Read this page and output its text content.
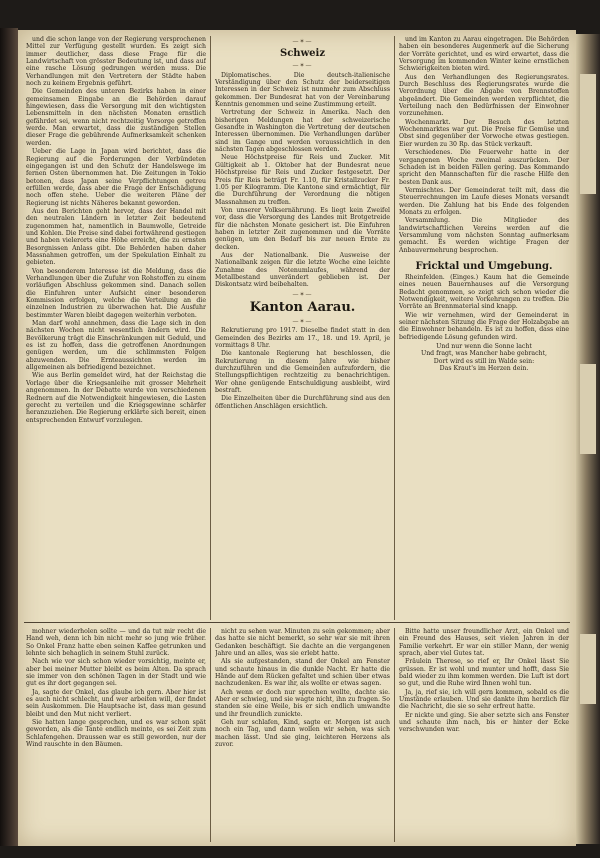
und die schon lange von der Regierung versprochenen Mittel zur Verfügung gestellt wurden. Es zeigt sich immer deutlicher, dass diese Frage für die Landwirtschaft von grösster Bedeutung ist, und dass auf eine rasche Lösung gedrungen werden muss. Die Verhandlungen mit den Vertretern der Städte haben noch zu keinem Ergebnis geführt.

Die Gemeinden des unteren Bezirks haben in einer gemeinsamen Eingabe an die Behörden darauf hingewiesen, dass die Versorgung mit den wichtigsten Lebensmitteln in den nächsten Monaten ernstlich gefährdet sei, wenn nicht rechtzeitig Vorsorge getroffen werde. Man erwartet, dass die zuständigen Stellen dieser Frage die gebührende Aufmerksamkeit schenken werden.

Ueber die Lage in Japan wird berichtet, dass die Regierung auf die Forderungen der Verbündeten eingegangen ist und den Schutz der Handelswege im fernen Osten übernommen hat. Die Zeitungen in Tokio betonen, dass Japan seine Verpflichtungen getreu erfüllen werde, dass aber die Frage der Entschädigung noch offen stehe. Ueber die weiteren Pläne der Regierung ist nichts Näheres bekannt geworden.

Aus den Berichten geht hervor, dass der Handel mit den neutralen Ländern in letzter Zeit bedeutend zugenommen hat, namentlich in Baumwolle, Getreide und Kohlen. Die Preise sind dabei fortwährend gestiegen und haben vielerorts eine Höhe erreicht, die zu ernsten Besorgnissen Anlass gibt. Die Behörden haben daher Massnahmen getroffen, um der Spekulation Einhalt zu gebieten.

Von besonderem Interesse ist die Meldung, dass die Verhandlungen über die Zufuhr von Rohstoffen zu einem vorläufigen Abschluss gekommen sind. Danach sollen die Einfuhren unter Aufsicht einer besonderen Kommission erfolgen, welche die Verteilung an die einzelnen Industrien zu überwachen hat. Die Ausfuhr bestimmter Waren bleibt dagegen weiterhin verboten.

Man darf wohl annehmen, dass die Lage sich in den nächsten Wochen nicht wesentlich ändern wird. Die Bevölkerung trägt die Einschränkungen mit Geduld, und es ist zu hoffen, dass die getroffenen Anordnungen genügen werden, um die schlimmsten Folgen abzuwenden. Die Ernteaussichten werden im allgemeinen als befriedigend bezeichnet.

Wie aus Berlin gemeldet wird, hat der Reichstag die Vorlage über die Kriegsanleihe mit grosser Mehrheit angenommen. In der Debatte wurde von verschiedenen Rednern auf die Notwendigkeit hingewiesen, die Lasten gerecht zu verteilen und die Kriegsgewinne schärfer heranzuziehen. Die Regierung erklärte sich bereit, einen entsprechenden Entwurf vorzulegen.

—✶—
Schweiz
—✶—

Diplomatisches. Die deutsch-italienische Verständigung über den Schutz der beiderseitigen Interessen in der Schweiz ist nunmehr zum Abschluss gekommen. Der Bundesrat hat von der Vereinbarung Kenntnis genommen und seine Zustimmung erteilt.

Vertretung der Schweiz in Amerika. Nach den bisherigen Meldungen hat der schweizerische Gesandte in Washington die Vertretung der deutschen Interessen übernommen. Die Verhandlungen darüber sind im Gange und werden voraussichtlich in den nächsten Tagen abgeschlossen werden.

Neue Höchstpreise für Reis und Zucker. Mit Gültigkeit ab 1. Oktober hat der Bundesrat neue Höchstpreise für Reis und Zucker festgesetzt. Der Preis für Reis beträgt Fr. 1.10, für Kristallzucker Fr. 1.05 per Kilogramm. Die Kantone sind ermächtigt, für die Durchführung der Verordnung die nötigen Massnahmen zu treffen.

Von unserer Volksernährung. Es liegt kein Zweifel vor, dass die Versorgung des Landes mit Brotgetreide für die nächsten Monate gesichert ist. Die Einfuhren haben in letzter Zeit zugenommen und die Vorräte genügen, um den Bedarf bis zur neuen Ernte zu decken.

Aus der Nationalbank. Die Ausweise der Nationalbank zeigen für die letzte Woche eine leichte Zunahme des Notenumlaufes, während der Metallbestand unverändert geblieben ist. Der Diskontsatz wird beibehalten.

—✶—
Kanton Aarau.
—✶—

Rekrutierung pro 1917. Dieselbe findet statt in den Gemeinden des Bezirks am 17., 18. und 19. April, je vormittags 8 Uhr.

Die kantonale Regierung hat beschlossen, die Rekrutierung in diesem Jahre wie bisher durchzuführen und die Gemeinden aufzufordern, die Stellungspflichtigen rechtzeitig zu benachrichtigen. Wer ohne genügende Entschuldigung ausbleibt, wird bestraft.

Die Einzelheiten über die Durchführung sind aus den öffentlichen Anschlägen ersichtlich.

und im Kanton zu Aarau eingetragen. Die Behörden haben ein besonderes Augenmerk auf die Sicherung der Vorräte gerichtet, und es wird erwartet, dass die Versorgung im kommenden Winter keine ernstlichen Schwierigkeiten bieten wird.

Aus den Verhandlungen des Regierungsrates. Durch Beschluss des Regierungsrates wurde die Verordnung über die Abgabe von Brennstoffen abgeändert. Die Gemeinden werden verpflichtet, die Verteilung nach den Bedürfnissen der Einwohner vorzunehmen.

Wochenmarkt. Der Besuch des letzten Wochenmarktes war gut. Die Preise für Gemüse und Obst sind gegenüber der Vorwoche etwas gestiegen. Eier wurden zu 30 Rp. das Stück verkauft.

Verschiedenes. Die Feuerwehr hatte in der vergangenen Woche zweimal auszurücken. Der Schaden ist in beiden Fällen gering. Das Kommando spricht den Mannschaften für die rasche Hilfe den besten Dank aus.

Vermischtes. Der Gemeinderat teilt mit, dass die Steuerrechnungen im Laufe dieses Monats versandt werden. Die Zahlung hat bis Ende des folgenden Monats zu erfolgen.

Versammlung. Die Mitglieder des landwirtschaftlichen Vereins werden auf die Versammlung vom nächsten Sonntag aufmerksam gemacht. Es werden wichtige Fragen der Anbauvermehrung besprochen.

Fricktal und Umgebung.

Rheinfelden. (Einges.) Kaum hat die Gemeinde eines neuen Bauernhauses auf die Versorgung Bedacht genommen, so zeigt sich schon wieder die Notwendigkeit, weitere Vorkehrungen zu treffen. Die Vorräte an Brennmaterial sind knapp.

Wie wir vernehmen, wird der Gemeinderat in seiner nächsten Sitzung die Frage der Holzabgabe an die Einwohner behandeln. Es ist zu hoffen, dass eine befriedigende Lösung gefunden wird.

Und nur wenn die Sonne lacht
Und fragt, was Mancher habe gebracht,
Dort wird es still im Walde sein:
Das Kraut's im Herzen dein.

mohner wiederholen sollte — und da tut mir recht die Hand weh, denn ich bin nicht mehr so jung wie früher. So Onkel Franz hatte eben seinen Kaffee getrunken und lehnte sich behaglich in seinem Stuhl zurück.

Nach wie vor sich schon wieder vorsichtig, meinte er, aber bei meiner Mutter bleibt es beim Alten. Da sprach sie immer von den schönen Tagen in der Stadt und wie gut es ihr dort gegangen sei.

Ja, sagte der Onkel, das glaube ich gern. Aber hier ist es auch nicht schlecht, und wer arbeiten will, der findet sein Auskommen. Die Hauptsache ist, dass man gesund bleibt und den Mut nicht verliert.

Sie hatten lange gesprochen, und es war schon spät geworden, als die Tante endlich meinte, es sei Zeit zum Schlafengehen. Draussen war es still geworden, nur der Wind rauschte in den Bäumen.

nicht zu sehen war. Minuten zu sein gekommen; aber das hatte sie nicht bemerkt, so sehr war sie mit ihren Gedanken beschäftigt. Sie dachte an die vergangenen Jahre und an alles, was sie erlebt hatte.

Als sie aufgestanden, stand der Onkel am Fenster und schaute hinaus in die dunkle Nacht. Er hatte die Hände auf dem Rücken gefaltet und schien über etwas nachzudenken. Es war ihr, als wollte er etwas sagen.

Ach wenn er doch nur sprechen wollte, dachte sie. Aber er schwieg, und sie wagte nicht, ihn zu fragen. So standen sie eine Weile, bis er sich endlich umwandte und ihr freundlich zunickte.

Geh nur schlafen, Kind, sagte er. Morgen ist auch noch ein Tag, und dann wollen wir sehen, was sich machen lässt. Und sie ging, leichteren Herzens als zuvor.

Bitte hatte unser freundlicher Arzt, ein Onkel und ein Freund des Hauses, seit vielen Jahren in der Familie verkehrt. Er war ein stiller Mann, der wenig sprach, aber viel Gutes tat.

Fräulein Therese, so rief er, Ihr Onkel lässt Sie grüssen. Er ist wohl und munter und hofft, dass Sie bald wieder zu ihm kommen werden. Die Luft ist dort so gut, und die Ruhe wird Ihnen wohl tun.

Ja, ja, rief sie, ich will gern kommen, sobald es die Umstände erlauben. Und sie dankte ihm herzlich für die Nachricht, die sie so sehr erfreut hatte.

Er nickte und ging. Sie aber setzte sich ans Fenster und schaute ihm nach, bis er hinter der Ecke verschwunden war.
